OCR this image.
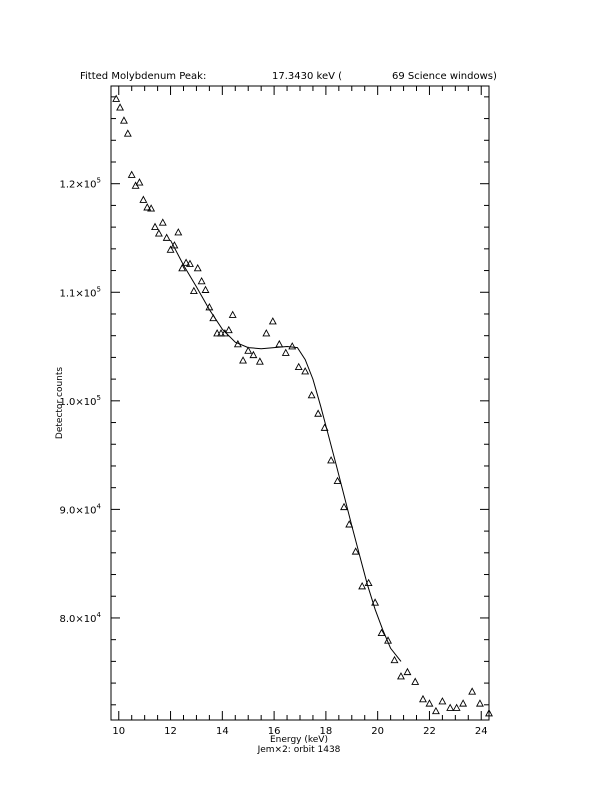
Fitted Molybdenum Peak:	17.3430 keV (	69 Science windows)
10	12	14	16	18	20	22	24
$8.0\times 10^4$
$9.0\times 10^4$
$1.0\times 10^5$
$1.1\times 10^5$
$1.2\times 10^5$
Energy (keV)
Jem×2: orbit 1438
Detector counts
